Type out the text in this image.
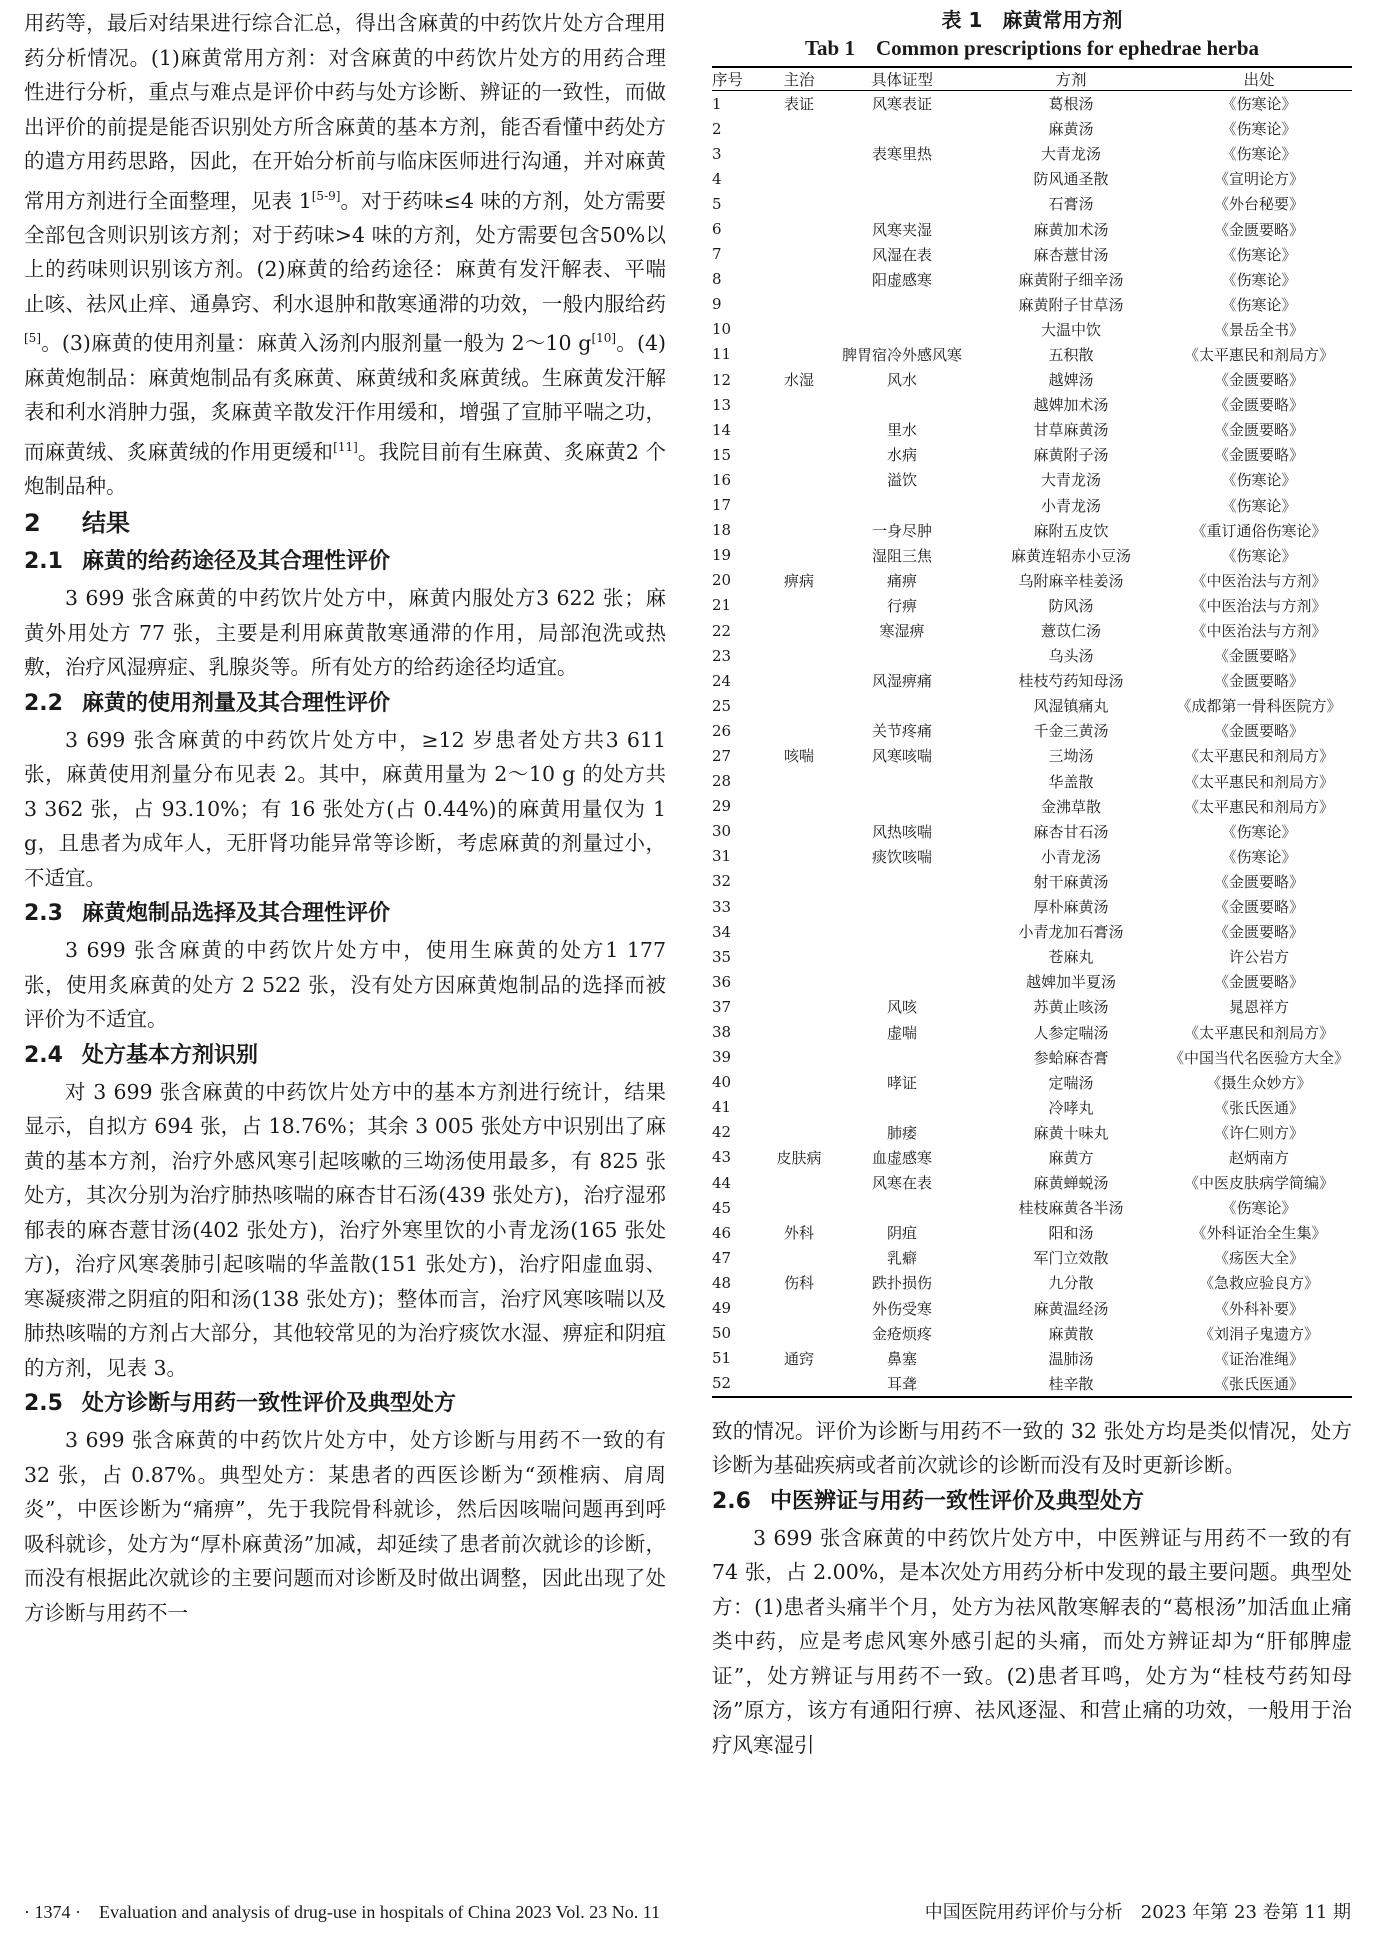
用药等，最后对结果进行综合汇总，得出含麻黄的中药饮片处方合理用药分析情况。(1)麻黄常用方剂：对含麻黄的中药饮片处方的用药合理性进行分析，重点与难点是评价中药与处方诊断、辨证的一致性，而做出评价的前提是能否识别处方所含麻黄的基本方剂，能否看懂中药处方的遣方用药思路，因此，在开始分析前与临床医师进行沟通，并对麻黄常用方剂进行全面整理，见表 1[5-9]。对于药味≤4 味的方剂，处方需要全部包含则识别该方剂；对于药味>4 味的方剂，处方需要包含50%以上的药味则识别该方剂。(2)麻黄的给药途径：麻黄有发汗解表、平喘止咳、祛风止痒、通鼻窍、利水退肿和散寒通滞的功效，一般内服给药[5]。(3)麻黄的使用剂量：麻黄入汤剂内服剂量一般为 2～10 g[10]。(4)麻黄炮制品：麻黄炮制品有炙麻黄、麻黄绒和炙麻黄绒。生麻黄发汗解表和利水消肿力强，炙麻黄辛散发汗作用缓和，增强了宣肺平喘之功，而麻黄绒、炙麻黄绒的作用更缓和[11]。我院目前有生麻黄、炙麻黄2 个炮制品种。

2 结果
2.1 麻黄的给药途径及其合理性评价

3 699 张含麻黄的中药饮片处方中，麻黄内服处方3 622 张；麻黄外用处方 77 张，主要是利用麻黄散寒通滞的作用，局部泡洗或热敷，治疗风湿痹症、乳腺炎等。所有处方的给药途径均适宜。

2.2 麻黄的使用剂量及其合理性评价

3 699 张含麻黄的中药饮片处方中，≥12 岁患者处方共3 611 张，麻黄使用剂量分布见表 2。其中，麻黄用量为 2～10 g 的处方共 3 362 张，占 93.10%；有 16 张处方(占 0.44%)的麻黄用量仅为 1 g，且患者为成年人，无肝肾功能异常等诊断，考虑麻黄的剂量过小，不适宜。

2.3 麻黄炮制品选择及其合理性评价

3 699 张含麻黄的中药饮片处方中，使用生麻黄的处方1 177 张，使用炙麻黄的处方 2 522 张，没有处方因麻黄炮制品的选择而被评价为不适宜。

2.4 处方基本方剂识别

对 3 699 张含麻黄的中药饮片处方中的基本方剂进行统计，结果显示，自拟方 694 张，占 18.76%；其余 3 005 张处方中识别出了麻黄的基本方剂，治疗外感风寒引起咳嗽的三坳汤使用最多，有 825 张处方，其次分别为治疗肺热咳喘的麻杏甘石汤(439 张处方)，治疗湿邪郁表的麻杏薏甘汤(402 张处方)，治疗外寒里饮的小青龙汤(165 张处方)，治疗风寒袭肺引起咳喘的华盖散(151 张处方)，治疗阳虚血弱、寒凝痰滞之阴疽的阳和汤(138 张处方)；整体而言，治疗风寒咳喘以及肺热咳喘的方剂占大部分，其他较常见的为治疗痰饮水湿、痹症和阴疽的方剂，见表 3。

2.5 处方诊断与用药一致性评价及典型处方

3 699 张含麻黄的中药饮片处方中，处方诊断与用药不一致的有 32 张，占 0.87%。典型处方：某患者的西医诊断为“颈椎病、肩周炎”，中医诊断为“痛痹”，先于我院骨科就诊，然后因咳喘问题再到呼吸科就诊，处方为“厚朴麻黄汤”加减，却延续了患者前次就诊的诊断，而没有根据此次就诊的主要问题而对诊断及时做出调整，因此出现了处方诊断与用药不一

表 1　麻黄常用方剂

Tab 1　Common prescriptions for ephedrae herba

序号	主治	具体证型	方剂	出处
1	表证	风寒表证	葛根汤	《伤寒论》
2			麻黄汤	《伤寒论》
3		表寒里热	大青龙汤	《伤寒论》
4			防风通圣散	《宣明论方》
5			石膏汤	《外台秘要》
6		风寒夹湿	麻黄加术汤	《金匮要略》
7		风湿在表	麻杏薏甘汤	《伤寒论》
8		阳虚感寒	麻黄附子细辛汤	《伤寒论》
9			麻黄附子甘草汤	《伤寒论》
10			大温中饮	《景岳全书》
11		脾胃宿冷外感风寒	五积散	《太平惠民和剂局方》
12	水湿	风水	越婢汤	《金匮要略》
13			越婢加术汤	《金匮要略》
14		里水	甘草麻黄汤	《金匮要略》
15		水病	麻黄附子汤	《金匮要略》
16		溢饮	大青龙汤	《伤寒论》
17			小青龙汤	《伤寒论》
18		一身尽肿	麻附五皮饮	《重订通俗伤寒论》
19		湿阻三焦	麻黄连轺赤小豆汤	《伤寒论》
20	痹病	痛痹	乌附麻辛桂姜汤	《中医治法与方剂》
21		行痹	防风汤	《中医治法与方剂》
22		寒湿痹	薏苡仁汤	《中医治法与方剂》
23			乌头汤	《金匮要略》
24		风湿痹痛	桂枝芍药知母汤	《金匮要略》
25			风湿镇痛丸	《成都第一骨科医院方》
26		关节疼痛	千金三黄汤	《金匮要略》
27	咳喘	风寒咳喘	三坳汤	《太平惠民和剂局方》
28			华盖散	《太平惠民和剂局方》
29			金沸草散	《太平惠民和剂局方》
30		风热咳喘	麻杏甘石汤	《伤寒论》
31		痰饮咳喘	小青龙汤	《伤寒论》
32			射干麻黄汤	《金匮要略》
33			厚朴麻黄汤	《金匮要略》
34			小青龙加石膏汤	《金匮要略》
35			苍麻丸	许公岩方
36			越婢加半夏汤	《金匮要略》
37		风咳	苏黄止咳汤	晁恩祥方
38		虚喘	人参定喘汤	《太平惠民和剂局方》
39			参蛤麻杏膏	《中国当代名医验方大全》
40		哮证	定喘汤	《摄生众妙方》
41			冷哮丸	《张氏医通》
42		肺痿	麻黄十味丸	《许仁则方》
43	皮肤病	血虚感寒	麻黄方	赵炳南方
44		风寒在表	麻黄蝉蜕汤	《中医皮肤病学简编》
45			桂枝麻黄各半汤	《伤寒论》
46	外科	阴疽	阳和汤	《外科证治全生集》
47		乳癖	军门立效散	《疡医大全》
48	伤科	跌扑损伤	九分散	《急救应验良方》
49		外伤受寒	麻黄温经汤	《外科补要》
50		金疮烦疼	麻黄散	《刘涓子鬼遗方》
51	通窍	鼻塞	温肺汤	《证治准绳》
52		耳聋	桂辛散	《张氏医通》

致的情况。评价为诊断与用药不一致的 32 张处方均是类似情况，处方诊断为基础疾病或者前次就诊的诊断而没有及时更新诊断。

2.6 中医辨证与用药一致性评价及典型处方

3 699 张含麻黄的中药饮片处方中，中医辨证与用药不一致的有 74 张，占 2.00%，是本次处方用药分析中发现的最主要问题。典型处方：(1)患者头痛半个月，处方为祛风散寒解表的“葛根汤”加活血止痛类中药，应是考虑风寒外感引起的头痛，而处方辨证却为“肝郁脾虚证”，处方辨证与用药不一致。(2)患者耳鸣，处方为“桂枝芍药知母汤”原方，该方有通阳行痹、祛风逐湿、和营止痛的功效，一般用于治疗风寒湿引

· 1374 ·　Evaluation and analysis of drug-use in hospitals of China 2023 Vol. 23 No. 11	中国医院用药评价与分析　2023 年第 23 卷第 11 期
